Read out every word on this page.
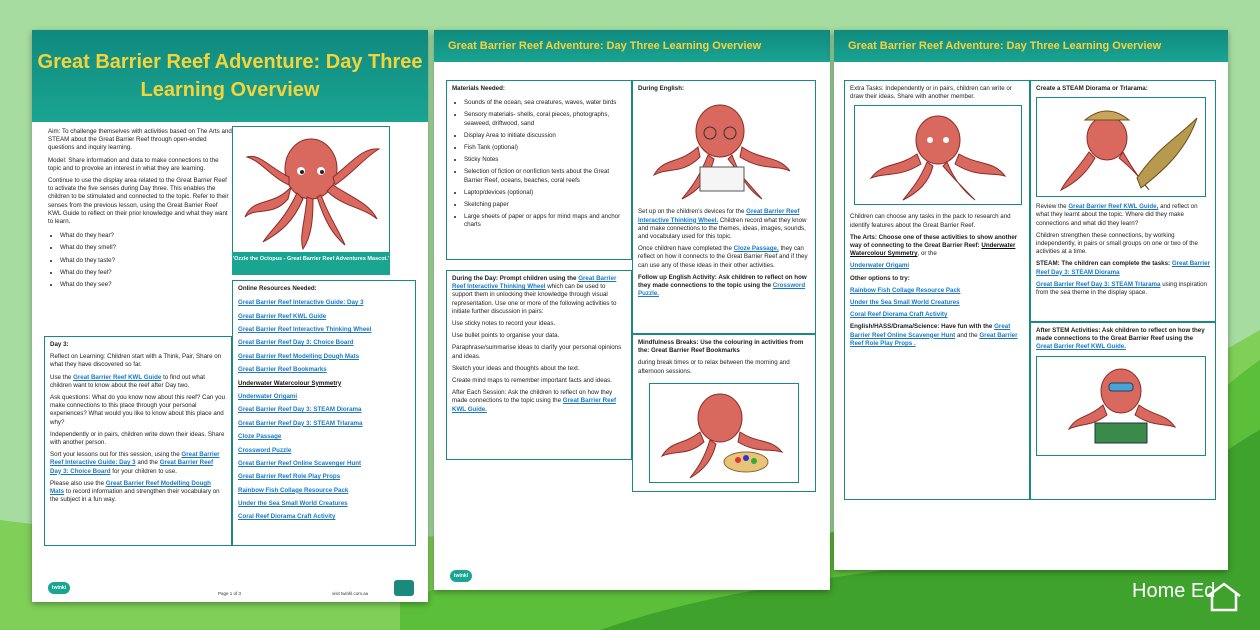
Great Barrier Reef Adventure: Day Three Learning Overview

Aim: To challenge themselves with activities based on The Arts and STEAM about the Great Barrier Reef through open-ended questions and inquiry learning.

Model: Share information and data to make connections to the topic and to provoke an interest in what they are learning.

Continue to use the display area related to the Great Barrier Reef to activate the five senses during Day three. This enables the children to be stimulated and connected to the topic. Refer to their senses from the previous lesson, using the Great Barrier Reef KWL Guide to reflect on their prior knowledge and what they want to learn.

• What do they hear?
• What do they smell?
• What do they taste?
• What do they feel?
• What do they see?
'Ozzie the Octopus - Great Barrier Reef Adventures Mascot.'
Online Resources Needed:
Great Barrier Reef Interactive Guide: Day 3
Great Barrier Reef KWL Guide
Great Barrier Reef Interactive Thinking Wheel
Great Barrier Reef Day 3: Choice Board
Great Barrier Reef Modelling Dough Mats
Great Barrier Reef Bookmarks
Underwater Watercolour Symmetry
Underwater Origami
Great Barrier Reef Day 3: STEAM Diorama
Great Barrier Reef Day 3: STEAM Trlarama
Cloze Passage
Crossword Puzzle
Great Barrier Reef Online Scavenger Hunt
Great Barrier Reef Role Play Props
Rainbow Fish Collage Resource Pack
Under the Sea Small World Creatures
Coral Reef Diorama Craft Activity

Day 3:

Reflect on Learning: Children start with a Think, Pair, Share on what they have discovered so far.

Use the Great Barrier Reef KWL Guide to find out what children want to know about the reef after Day two.

Ask questions: What do you know now about this reef? Can you make connections to this place through your personal experiences? What would you like to know about this place and why?

Independently or in pairs, children write down their ideas. Share with another person.

Sort your lessons out for this session, using the Great Barrier Reef Interactive Guide: Day 3 and the Great Barrier Reef Day 3: Choice Board for your children to use.

Please also use the Great Barrier Reef Modelling Dough Mats to record information and strengthen their vocabulary on the subject in a fun way.

twinkl
Page 1 of 3	visit twinkl.com.au
Great Barrier Reef Adventure: Day Three Learning Overview
Materials Needed:
• Sounds of the ocean, sea creatures, waves, water birds
• Sensory materials- shells, coral pieces, photographs, seaweed, driftwood, sand
• Display Area to initiate discussion
• Fish Tank (optional)
• Sticky Notes
• Selection of fiction or nonfiction texts about the Great Barrier Reef, oceans, beaches, coral reefs
• Laptop/devices (optional)
• Sketching paper
• Large sheets of paper or apps for mind maps and anchor charts

During the Day: Prompt children using the Great Barrier Reef Interactive Thinking Wheel which can be used to support them in unlocking their knowledge through visual representation. Use one or more of the following activities to initiate further discussion in pairs:

Use sticky notes to record your ideas.

Use bullet points to organise your data.

Paraphrase/summarise ideas to clarify your personal opinions and ideas.

Sketch your ideas and thoughts about the text.

Create mind maps to remember important facts and ideas.

After Each Session: Ask the children to reflect on how they made connections to the topic using the Great Barrier Reef KWL Guide.

During English:

Set up on the children's devices for the Great Barrier Reef Interactive Thinking Wheel. Children record what they know and make connections to the themes, ideas, images, sounds, and vocabulary used for this topic.

Once children have completed the Cloze Passage, they can reflect on how it connects to the Great Barrier Reef and if they can use any of these ideas in their other activities.

Follow up English Activity: Ask children to reflect on how they made connections to the topic using the Crossword Puzzle.

Mindfulness Breaks: Use the colouring in activities from the: Great Barrier Reef Bookmarks

during break times or to relax between the morning and afternoon sessions.

twinkl
Great Barrier Reef Adventure: Day Three Learning Overview

Extra Tasks: Independently or in pairs, children can write or draw their ideas. Share with another member.

Children can choose any tasks in the pack to research and identify features about the Great Barrier Reef.

The Arts: Choose one of these activities to show another way of connecting to the Great Barrier Reef: Underwater Watercolour Symmetry, or the

Underwater Origami

Other options to try:

Rainbow Fish Collage Resource Pack

Under the Sea Small World Creatures

Coral Reef Diorama Craft Activity

English/HASS/Drama/Science: Have fun with the Great Barrier Reef Online Scavenger Hunt and the Great Barrier Reef Role Play Props .

Create a STEAM Diorama or Trlarama:

Review the Great Barrier Reef KWL Guide, and reflect on what they learnt about the topic. Where did they make connections and what did they learn?

Children strengthen these connections, by working independently, in pairs or small groups on one or two of the activities at a time.

STEAM: The children can complete the tasks: Great Barrier Reef Day 3: STEAM Diorama

Great Barrier Reef Day 3: STEAM Trlarama using inspiration from the sea theme in the display space.

After STEM Activities: Ask children to reflect on how they made connections to the Great Barrier Reef using the Great Barrier Reef KWL Guide.

twinkl
Home Ed
